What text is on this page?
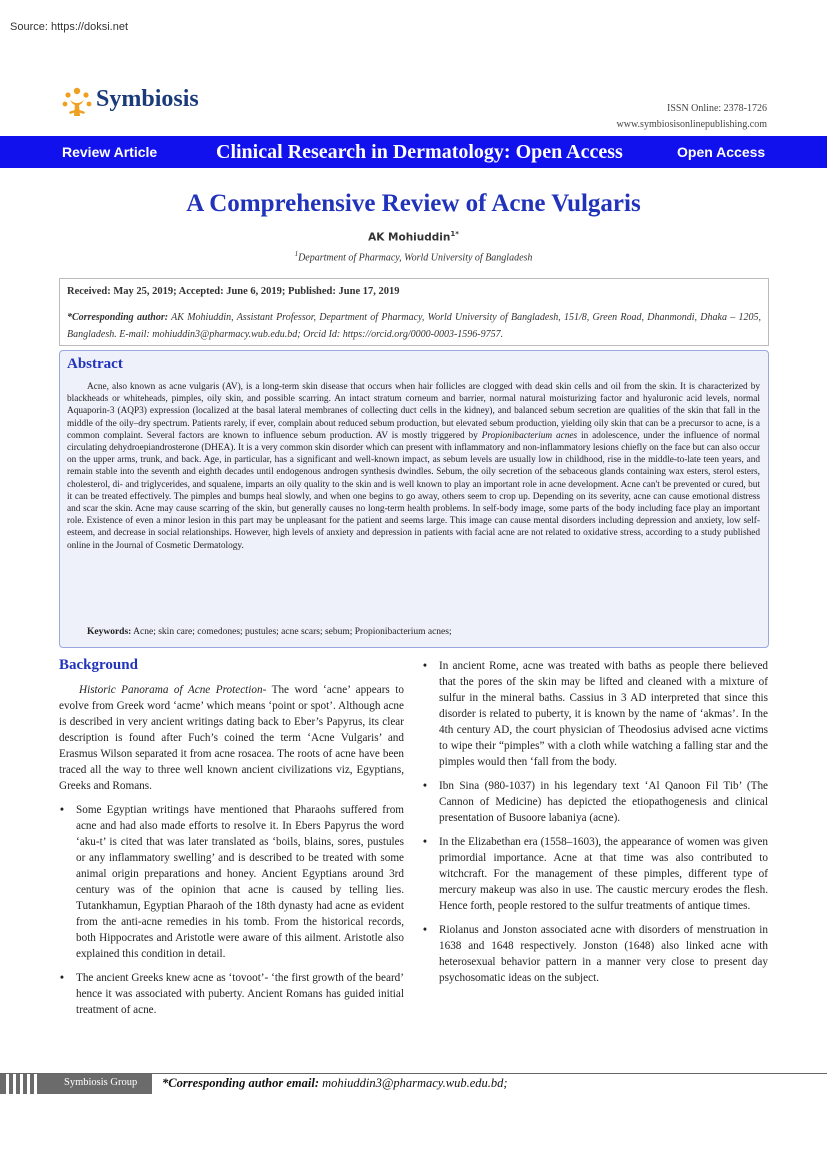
Source: https://doksi.net
Symbiosis	ISSN Online: 2378-1726
www.symbiosisonlinepublishing.com
Review Article	Clinical Research in Dermatology: Open Access	Open Access
A Comprehensive Review of Acne Vulgaris
AK Mohiuddin$^{1*}$
$^1$Department of Pharmacy, World University of Bangladesh
Received: May 25, 2019; Accepted: June 6, 2019; Published: June 17, 2019
*Corresponding author: AK Mohiuddin, Assistant Professor, Department of Pharmacy, World University of Bangladesh, 151/8, Green Road, Dhanmondi, Dhaka – 1205, Bangladesh. E-mail: mohiuddin3@pharmacy.wub.edu.bd; Orcid Id: https://orcid.org/0000-0003-1596-9757.
Abstract
Acne, also known as acne vulgaris (AV), is a long-term skin disease that occurs when hair follicles are clogged with dead skin cells and oil from the skin. It is characterized by blackheads or whiteheads, pimples, oily skin, and possible scarring. An intact stratum corneum and barrier, normal natural moisturizing factor and hyaluronic acid levels, normal Aquaporin-3 (AQP3) expression (localized at the basal lateral membranes of collecting duct cells in the kidney), and balanced sebum secretion are qualities of the skin that fall in the middle of the oily–dry spectrum. Patients rarely, if ever, complain about reduced sebum production, but elevated sebum production, yielding oily skin that can be a precursor to acne, is a common complaint. Several factors are known to influence sebum production. AV is mostly triggered by Propionibacterium acnes in adolescence, under the influence of normal circulating dehydroepiandrosterone (DHEA). It is a very common skin disorder which can present with inflammatory and non-inflammatory lesions chiefly on the face but can also occur on the upper arms, trunk, and back. Age, in particular, has a significant and well-known impact, as sebum levels are usually low in childhood, rise in the middle-to-late teen years, and remain stable into the seventh and eighth decades until endogenous androgen synthesis dwindles. Sebum, the oily secretion of the sebaceous glands containing wax esters, sterol esters, cholesterol, di- and triglycerides, and squalene, imparts an oily quality to the skin and is well known to play an important role in acne development. Acne can't be prevented or cured, but it can be treated effectively. The pimples and bumps heal slowly, and when one begins to go away, others seem to crop up. Depending on its severity, acne can cause emotional distress and scar the skin. Acne may cause scarring of the skin, but generally causes no long-term health problems. In self-body image, some parts of the body including face play an important role. Existence of even a minor lesion in this part may be unpleasant for the patient and seems large. This image can cause mental disorders including depression and anxiety, low self-esteem, and decrease in social relationships. However, high levels of anxiety and depression in patients with facial acne are not related to oxidative stress, according to a study published online in the Journal of Cosmetic Dermatology.
Keywords: Acne; skin care; comedones; pustules; acne scars; sebum; Propionibacterium acnes;
Background

Historic Panorama of Acne Protection- The word ‘acne’ appears to evolve from Greek word ‘acme’ which means ‘point or spot’. Although acne is described in very ancient writings dating back to Eber’s Papyrus, its clear description is found after Fuch’s coined the term ‘Acne Vulgaris’ and Erasmus Wilson separated it from acne rosacea. The roots of acne have been traced all the way to three well known ancient civilizations viz, Egyptians, Greeks and Romans.

• Some Egyptian writings have mentioned that Pharaohs suffered from acne and had also made efforts to resolve it. In Ebers Papyrus the word ‘aku-t’ is cited that was later translated as ‘boils, blains, sores, pustules or any inflammatory swelling’ and is described to be treated with some animal origin preparations and honey. Ancient Egyptians around 3rd century was of the opinion that acne is caused by telling lies. Tutankhamun, Egyptian Pharaoh of the 18th dynasty had acne as evident from the anti-acne remedies in his tomb. From the historical records, both Hippocrates and Aristotle were aware of this ailment. Aristotle also explained this condition in detail.
• The ancient Greeks knew acne as ‘tovoot’- ‘the first growth of the beard’ hence it was associated with puberty. Ancient Romans has guided initial treatment of acne.
• In ancient Rome, acne was treated with baths as people there believed that the pores of the skin may be lifted and cleaned with a mixture of sulfur in the mineral baths. Cassius in 3 AD interpreted that since this disorder is related to puberty, it is known by the name of ‘akmas’. In the 4th century AD, the court physician of Theodosius advised acne victims to wipe their “pimples” with a cloth while watching a falling star and the pimples would then ‘fall from the body.
• Ibn Sina (980-1037) in his legendary text ‘Al Qanoon Fil Tib’ (The Cannon of Medicine) has depicted the etiopathogenesis and clinical presentation of Busoore labaniya (acne).
• In the Elizabethan era (1558–1603), the appearance of women was given primordial importance. Acne at that time was also contributed to witchcraft. For the management of these pimples, different type of mercury makeup was also in use. The caustic mercury erodes the flesh. Hence forth, people restored to the sulfur treatments of antique times.
• Riolanus and Jonston associated acne with disorders of menstruation in 1638 and 1648 respectively. Jonston (1648) also linked acne with heterosexual behavior pattern in a manner very close to present day psychosomatic ideas on the subject.
Symbiosis Group *Corresponding author email: mohiuddin3@pharmacy.wub.edu.bd;
